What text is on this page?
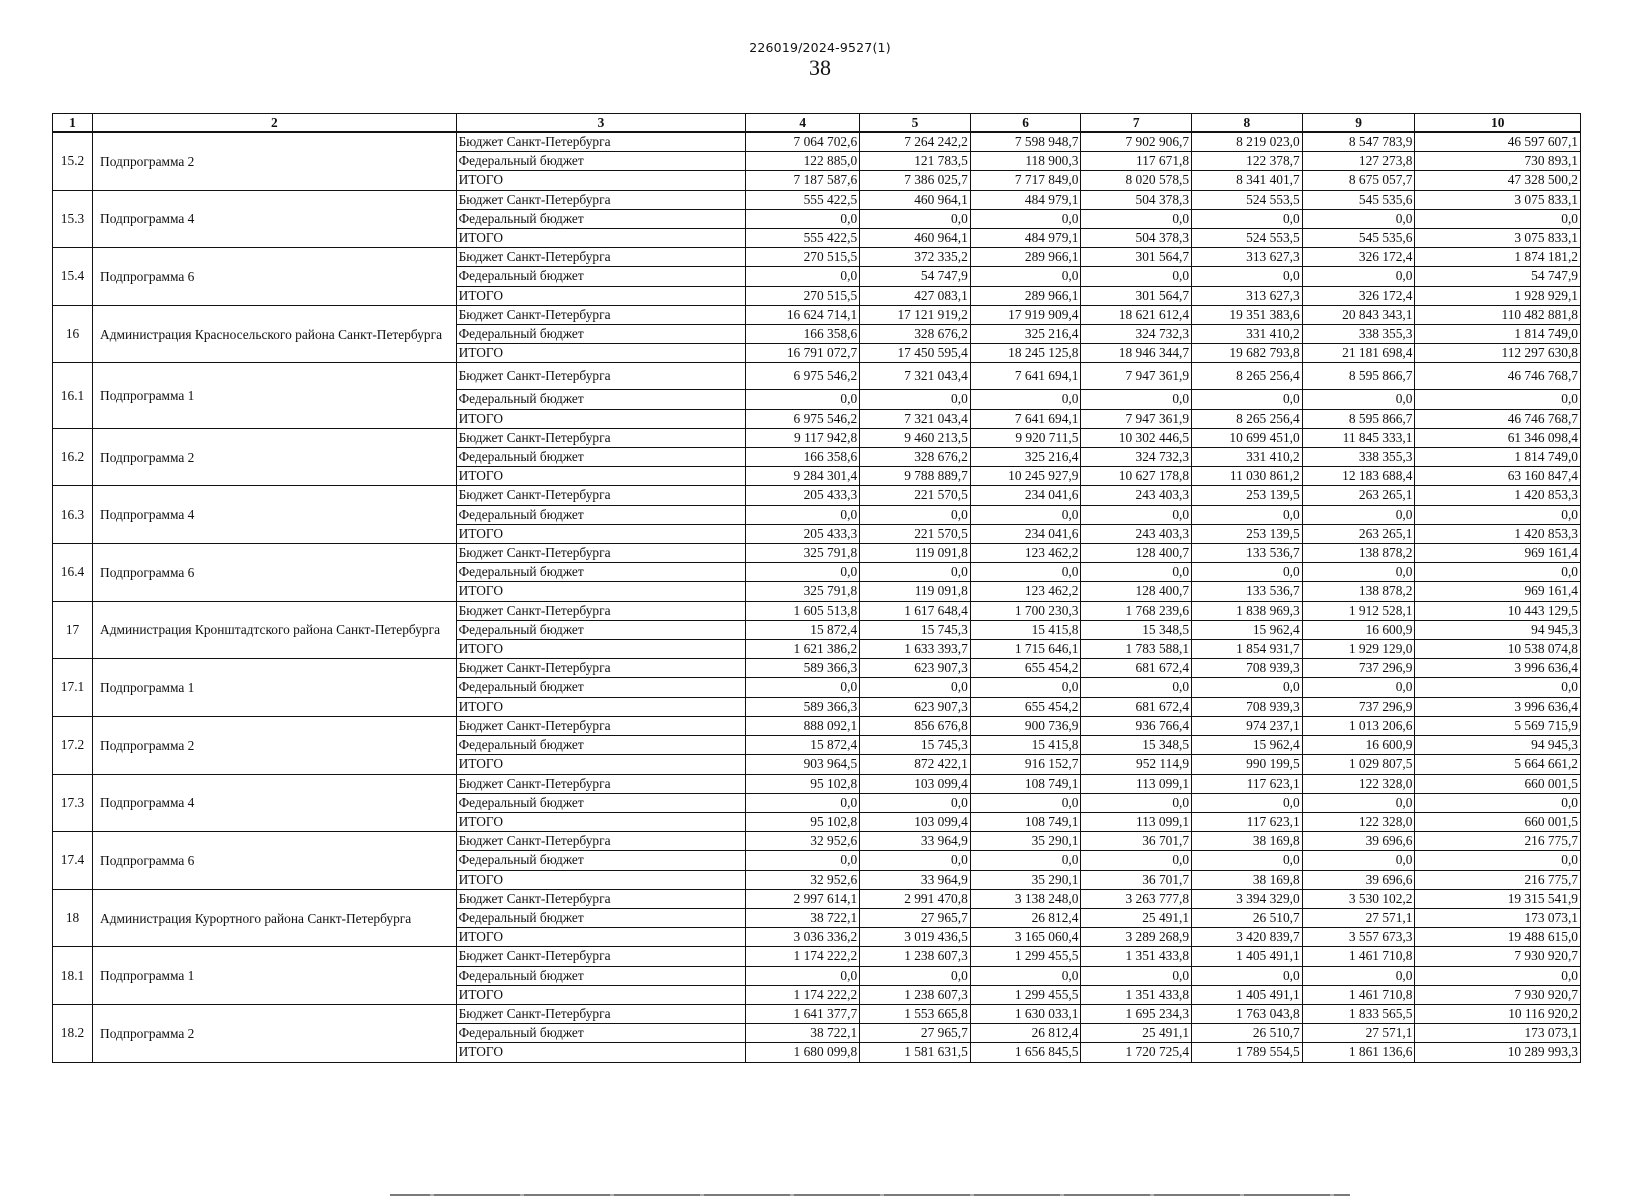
226019/2024-9527(1)
38
1	2	3	4	5	6	7	8	9	10
15.2	Подпрограмма 2	Бюджет Санкт-Петербурга	7 064 702,6	7 264 242,2	7 598 948,7	7 902 906,7	8 219 023,0	8 547 783,9	46 597 607,1
		Федеральный бюджет	122 885,0	121 783,5	118 900,3	117 671,8	122 378,7	127 273,8	730 893,1
		ИТОГО	7 187 587,6	7 386 025,7	7 717 849,0	8 020 578,5	8 341 401,7	8 675 057,7	47 328 500,2
15.3	Подпрограмма 4	Бюджет Санкт-Петербурга	555 422,5	460 964,1	484 979,1	504 378,3	524 553,5	545 535,6	3 075 833,1
		Федеральный бюджет	0,0	0,0	0,0	0,0	0,0	0,0	0,0
		ИТОГО	555 422,5	460 964,1	484 979,1	504 378,3	524 553,5	545 535,6	3 075 833,1
15.4	Подпрограмма 6	Бюджет Санкт-Петербурга	270 515,5	372 335,2	289 966,1	301 564,7	313 627,3	326 172,4	1 874 181,2
		Федеральный бюджет	0,0	54 747,9	0,0	0,0	0,0	0,0	54 747,9
		ИТОГО	270 515,5	427 083,1	289 966,1	301 564,7	313 627,3	326 172,4	1 928 929,1
16	Администрация Красносельского района Санкт-Петербурга	Бюджет Санкт-Петербурга	16 624 714,1	17 121 919,2	17 919 909,4	18 621 612,4	19 351 383,6	20 843 343,1	110 482 881,8
		Федеральный бюджет	166 358,6	328 676,2	325 216,4	324 732,3	331 410,2	338 355,3	1 814 749,0
		ИТОГО	16 791 072,7	17 450 595,4	18 245 125,8	18 946 344,7	19 682 793,8	21 181 698,4	112 297 630,8
16.1	Подпрограмма 1	Бюджет Санкт-Петербурга	6 975 546,2	7 321 043,4	7 641 694,1	7 947 361,9	8 265 256,4	8 595 866,7	46 746 768,7
		Федеральный бюджет	0,0	0,0	0,0	0,0	0,0	0,0	0,0
		ИТОГО	6 975 546,2	7 321 043,4	7 641 694,1	7 947 361,9	8 265 256,4	8 595 866,7	46 746 768,7
16.2	Подпрограмма 2	Бюджет Санкт-Петербурга	9 117 942,8	9 460 213,5	9 920 711,5	10 302 446,5	10 699 451,0	11 845 333,1	61 346 098,4
		Федеральный бюджет	166 358,6	328 676,2	325 216,4	324 732,3	331 410,2	338 355,3	1 814 749,0
		ИТОГО	9 284 301,4	9 788 889,7	10 245 927,9	10 627 178,8	11 030 861,2	12 183 688,4	63 160 847,4
16.3	Подпрограмма 4	Бюджет Санкт-Петербурга	205 433,3	221 570,5	234 041,6	243 403,3	253 139,5	263 265,1	1 420 853,3
		Федеральный бюджет	0,0	0,0	0,0	0,0	0,0	0,0	0,0
		ИТОГО	205 433,3	221 570,5	234 041,6	243 403,3	253 139,5	263 265,1	1 420 853,3
16.4	Подпрограмма 6	Бюджет Санкт-Петербурга	325 791,8	119 091,8	123 462,2	128 400,7	133 536,7	138 878,2	969 161,4
		Федеральный бюджет	0,0	0,0	0,0	0,0	0,0	0,0	0,0
		ИТОГО	325 791,8	119 091,8	123 462,2	128 400,7	133 536,7	138 878,2	969 161,4
17	Администрация Кронштадтского района Санкт-Петербурга	Бюджет Санкт-Петербурга	1 605 513,8	1 617 648,4	1 700 230,3	1 768 239,6	1 838 969,3	1 912 528,1	10 443 129,5
		Федеральный бюджет	15 872,4	15 745,3	15 415,8	15 348,5	15 962,4	16 600,9	94 945,3
		ИТОГО	1 621 386,2	1 633 393,7	1 715 646,1	1 783 588,1	1 854 931,7	1 929 129,0	10 538 074,8
17.1	Подпрограмма 1	Бюджет Санкт-Петербурга	589 366,3	623 907,3	655 454,2	681 672,4	708 939,3	737 296,9	3 996 636,4
		Федеральный бюджет	0,0	0,0	0,0	0,0	0,0	0,0	0,0
		ИТОГО	589 366,3	623 907,3	655 454,2	681 672,4	708 939,3	737 296,9	3 996 636,4
17.2	Подпрограмма 2	Бюджет Санкт-Петербурга	888 092,1	856 676,8	900 736,9	936 766,4	974 237,1	1 013 206,6	5 569 715,9
		Федеральный бюджет	15 872,4	15 745,3	15 415,8	15 348,5	15 962,4	16 600,9	94 945,3
		ИТОГО	903 964,5	872 422,1	916 152,7	952 114,9	990 199,5	1 029 807,5	5 664 661,2
17.3	Подпрограмма 4	Бюджет Санкт-Петербурга	95 102,8	103 099,4	108 749,1	113 099,1	117 623,1	122 328,0	660 001,5
		Федеральный бюджет	0,0	0,0	0,0	0,0	0,0	0,0	0,0
		ИТОГО	95 102,8	103 099,4	108 749,1	113 099,1	117 623,1	122 328,0	660 001,5
17.4	Подпрограмма 6	Бюджет Санкт-Петербурга	32 952,6	33 964,9	35 290,1	36 701,7	38 169,8	39 696,6	216 775,7
		Федеральный бюджет	0,0	0,0	0,0	0,0	0,0	0,0	0,0
		ИТОГО	32 952,6	33 964,9	35 290,1	36 701,7	38 169,8	39 696,6	216 775,7
18	Администрация Курортного района Санкт-Петербурга	Бюджет Санкт-Петербурга	2 997 614,1	2 991 470,8	3 138 248,0	3 263 777,8	3 394 329,0	3 530 102,2	19 315 541,9
		Федеральный бюджет	38 722,1	27 965,7	26 812,4	25 491,1	26 510,7	27 571,1	173 073,1
		ИТОГО	3 036 336,2	3 019 436,5	3 165 060,4	3 289 268,9	3 420 839,7	3 557 673,3	19 488 615,0
18.1	Подпрограмма 1	Бюджет Санкт-Петербурга	1 174 222,2	1 238 607,3	1 299 455,5	1 351 433,8	1 405 491,1	1 461 710,8	7 930 920,7
		Федеральный бюджет	0,0	0,0	0,0	0,0	0,0	0,0	0,0
		ИТОГО	1 174 222,2	1 238 607,3	1 299 455,5	1 351 433,8	1 405 491,1	1 461 710,8	7 930 920,7
18.2	Подпрограмма 2	Бюджет Санкт-Петербурга	1 641 377,7	1 553 665,8	1 630 033,1	1 695 234,3	1 763 043,8	1 833 565,5	10 116 920,2
		Федеральный бюджет	38 722,1	27 965,7	26 812,4	25 491,1	26 510,7	27 571,1	173 073,1
		ИТОГО	1 680 099,8	1 581 631,5	1 656 845,5	1 720 725,4	1 789 554,5	1 861 136,6	10 289 993,3
